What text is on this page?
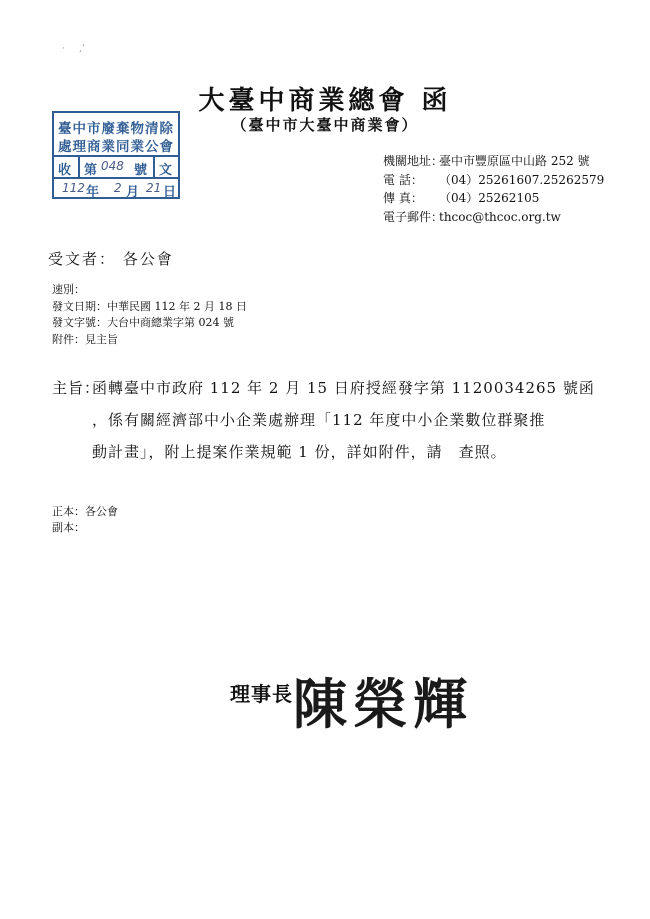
·     ,'
大臺中商業總會 函
（臺中市大臺中商業會）
臺中市廢棄物清除
處理商業同業公會
收 第 048 號 文
112 年 2 月 21 日
機關地址：臺中市豐原區中山路 252 號
電 話： （04）25261607.25262579
傳 真： （04）25262105
電子郵件：thcoc@thcoc.org.tw
受文者： 各公會
速別：
發文日期：中華民國 112 年 2 月 18 日
發文字號：大台中商總業字第 024 號
附件：見主旨
主旨：
函轉臺中市政府 112 年 2 月 15 日府授經發字第 1120034265 號函
，係有關經濟部中小企業處辦理「112 年度中小企業數位群聚推
動計畫」，附上提案作業規範 1 份，詳如附件，請　查照。
正本：各公會
副本：
理事長 陳榮輝
